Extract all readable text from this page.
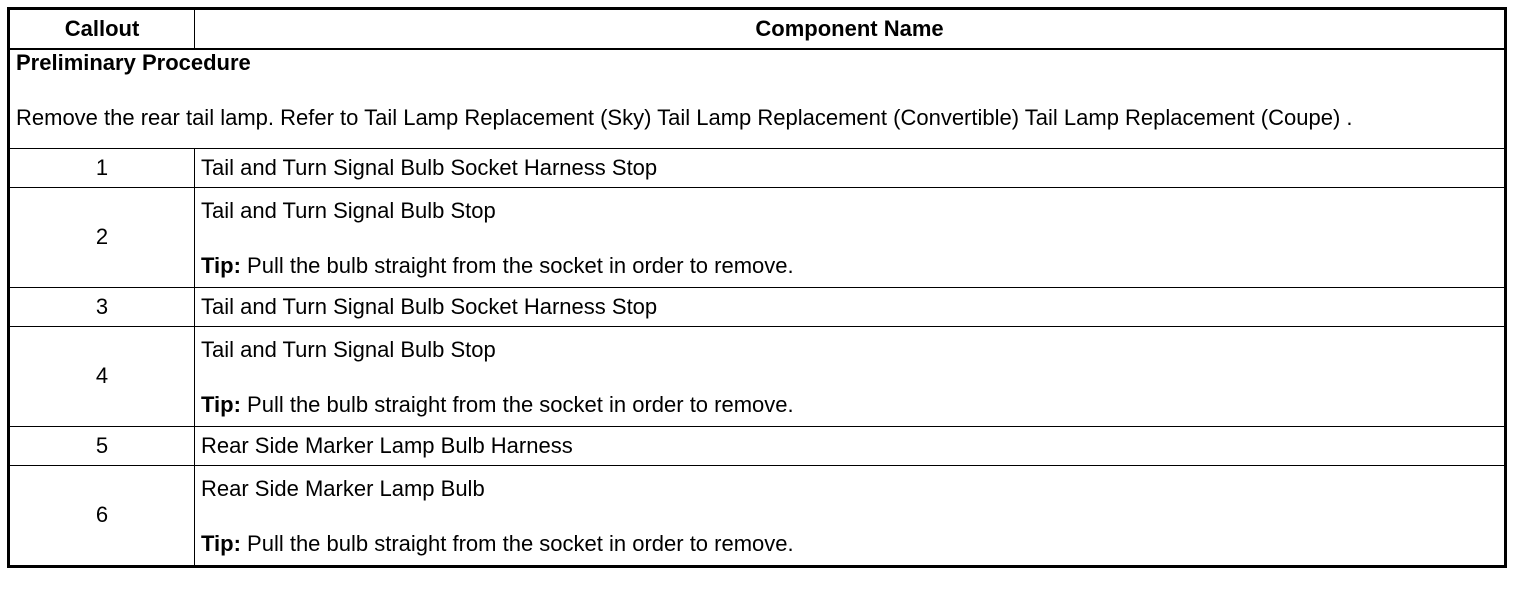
Callout	Component Name

Preliminary Procedure
Remove the rear tail lamp. Refer to Tail Lamp Replacement (Sky) Tail Lamp Replacement (Convertible) Tail Lamp Replacement (Coupe) .	

1	Tail and Turn Signal Bulb Socket Harness Stop
2	Tail and Turn Signal Bulb Stop
Tip: Pull the bulb straight from the socket in order to remove.

3	Tail and Turn Signal Bulb Socket Harness Stop
4	Tail and Turn Signal Bulb Stop
Tip: Pull the bulb straight from the socket in order to remove.

5	Rear Side Marker Lamp Bulb Harness
6	Rear Side Marker Lamp Bulb
Tip: Pull the bulb straight from the socket in order to remove.
